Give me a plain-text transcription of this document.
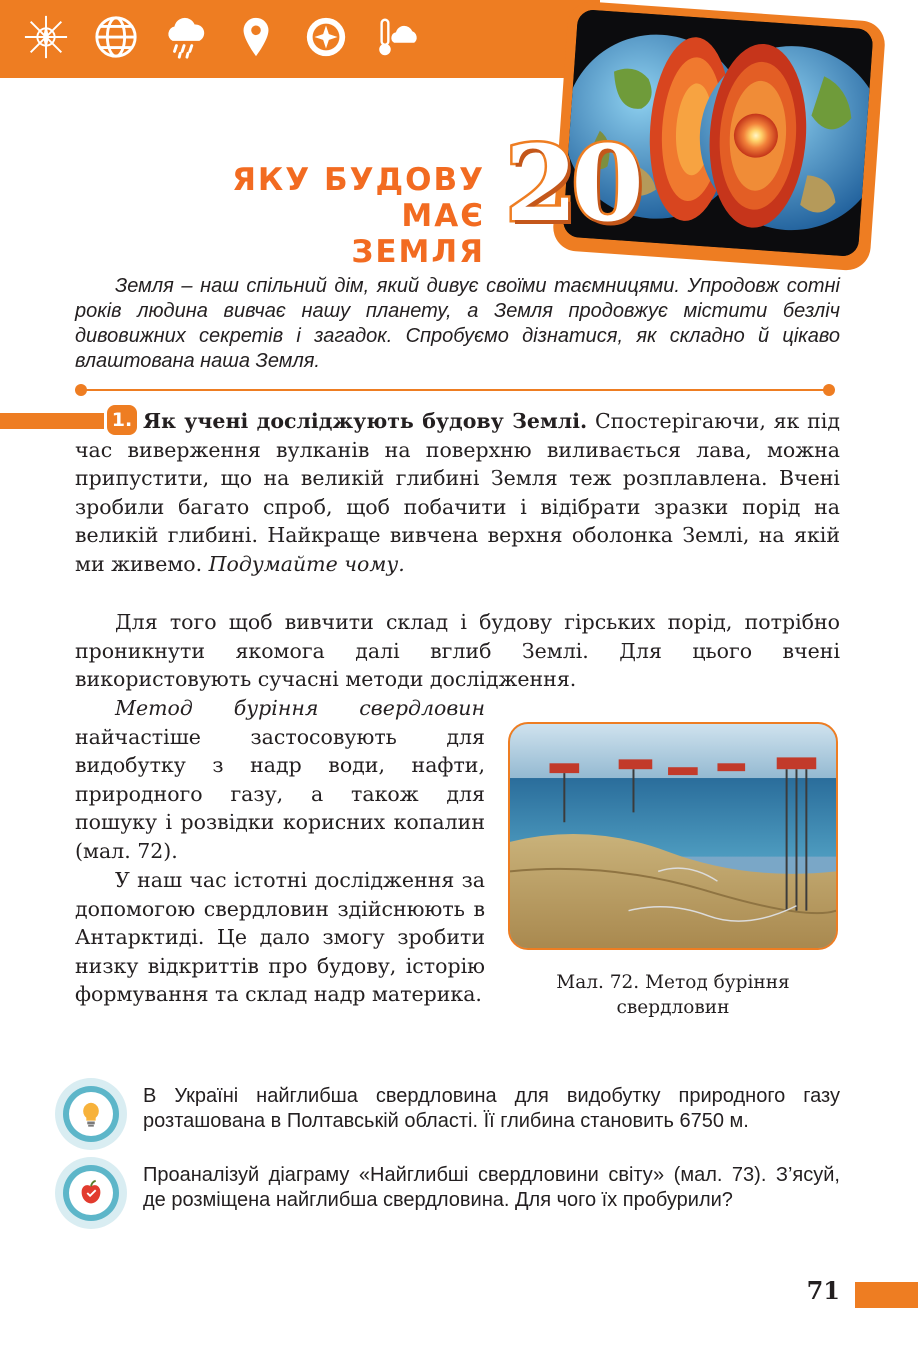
20
ЯКУ БУДОВУ МАЄ
ЗЕМЛЯ

Земля – наш спільний дім, який дивує своїми таємницями. Упродовж сотні років людина вивчає нашу планету, а Земля продовжує містити безліч дивовижних секретів і загадок. Спробуємо дізнатися, як складно й цікаво влаштована наша Земля.

1. Як учені досліджують будову Землі. Спостерігаючи, як під час виверження вулканів на поверхню виливається лава, можна припустити, що на великій глибині Земля теж розплавлена. Вчені зробили багато спроб, щоб побачити і відібрати зразки порід на великій глибині. Найкраще вивчена верхня оболонка Землі, на якій ми живемо. Подумайте чому.

Для того щоб вивчити склад і будову гірських порід, потрібно проникнути якомога далі вглиб Землі. Для цього вчені використовують сучасні методи дослідження.

Метод буріння свердловин найчастіше застосовують для видобутку з надр води, нафти, природного газу, а також для пошуку і розвідки корисних копалин (мал. 72).

У наш час істотні дослідження за допомогою свердловин здійснюють в Антарктиді. Це дало змогу зробити низку відкриттів про будову, історію формування та склад надр материка.	Мал. 72. Метод буріння
свердловин

В Україні найглибша свердловина для видобутку природного газу розташована в Полтавській області. Її глибина становить 6750 м.

Проаналізуй діаграму «Найглибші свердловини світу» (мал. 73). З’ясуй, де розміщена найглибша свердловина. Для чого їх пробурили?

71
